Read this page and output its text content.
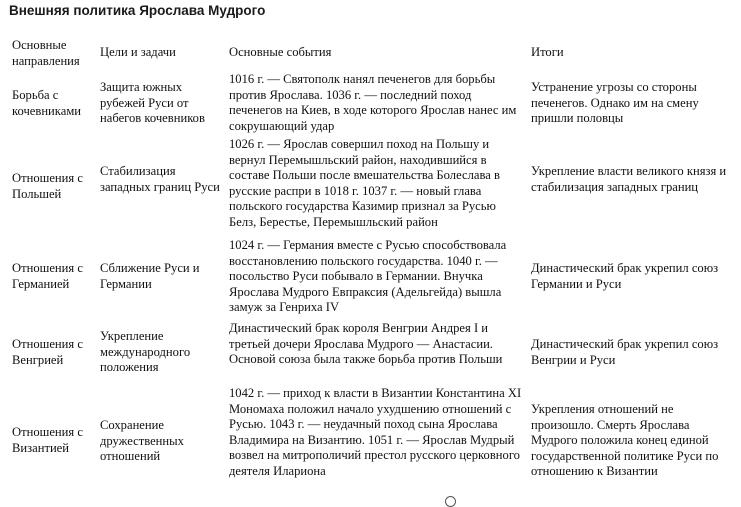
Внешняя политика Ярослава Мудрого
Основные направления
Цели и задачи	Основные события	Итоги
Борьба с кочевниками
Защита южных рубежей Руси от набегов кочевников
1016 г. — Святополк нанял печенегов для борьбы против Ярослава. 1036 г. — последний поход печенегов на Киев, в ходе которого Ярослав нанес им сокрушающий удар
Устранение угрозы со стороны печенегов. Однако им на смену пришли половцы
Отношения с Польшей
Стабилизация западных границ Руси
1026 г. — Ярослав совершил поход на Польшу и вернул Перемышльский район, находившийся в составе Польши после вмешательства Болеслава в русские распри в 1018 г. 1037 г. — новый глава польского государства Казимир признал за Русью Белз, Берестье, Перемышльский район
Укрепление власти великого князя и стабилизация западных границ
Отношения с Германией
Сближение Руси и Германии
1024 г. — Германия вместе с Русью способствовала восстановлению польского государства. 1040 г. — посольство Руси побывало в Германии. Внучка Ярослава Мудрого Евпраксия (Адельгейда) вышла замуж за Генриха IV
Династический брак укрепил союз Германии и Руси
Отношения с Венгрией
Укрепление международного положения
Династический брак короля Венгрии Андрея I и третьей дочери Ярослава Мудрого — Анастасии. Основой союза была также борьба против Польши
Династический брак укрепил союз Венгрии и Руси
Отношения с Византией
Сохранение дружественных отношений
1042 г. — приход к власти в Византии Константина XI Мономаха положил начало ухудшению отношений с Русью. 1043 г. — неудачный поход сына Ярослава Владимира на Византию. 1051 г. — Ярослав Мудрый возвел на митрополичий престол русского церковного деятеля Илариона
Укрепления отношений не произошло. Смерть Ярослава Мудрого положила конец единой государственной политике Руси по отношению к Византии
